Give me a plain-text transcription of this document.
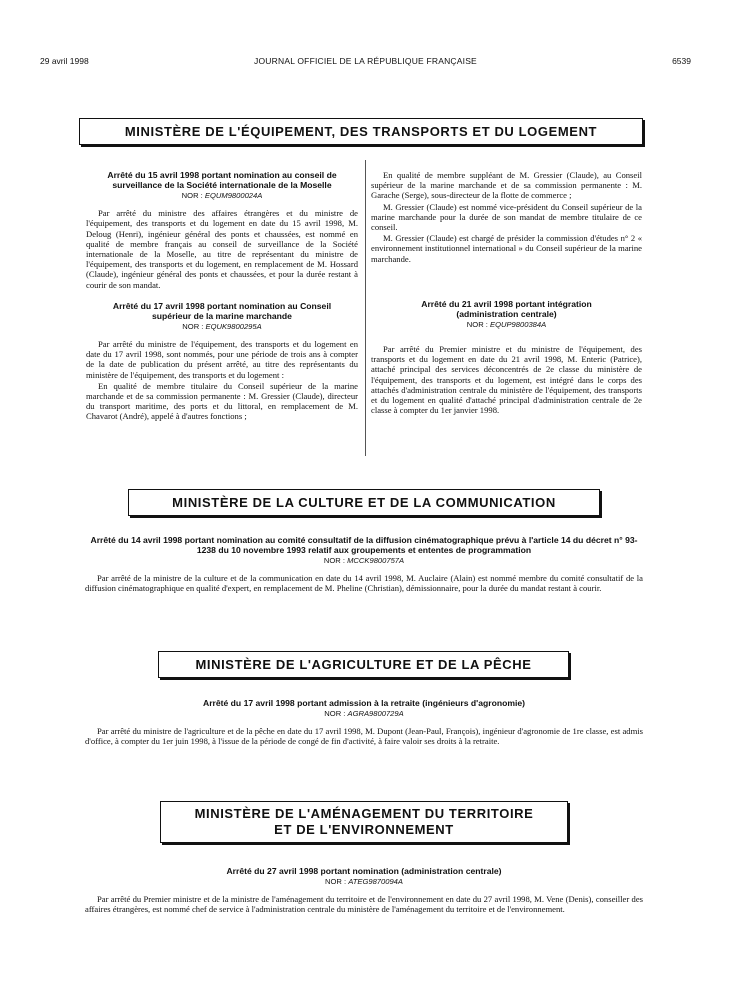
29 avril 1998	JOURNAL OFFICIEL DE LA RÉPUBLIQUE FRANÇAISE	6539
MINISTÈRE DE L'ÉQUIPEMENT, DES TRANSPORTS ET DU LOGEMENT
Arrêté du 15 avril 1998 portant nomination au conseil de surveillance de la Société internationale de la Moselle
NOR : EQUM9800024A

Par arrêté du ministre des affaires étrangères et du ministre de l'équipement, des transports et du logement en date du 15 avril 1998, M. Deloug (Henri), ingénieur général des ponts et chaussées, est nommé en qualité de membre français au conseil de surveillance de la Société internationale de la Moselle, au titre de représentant du ministre de l'équipement, des transports et du logement, en remplacement de M. Hossard (Claude), ingénieur général des ponts et chaussées, et pour la durée restant à courir de son mandat.

Arrêté du 17 avril 1998 portant nomination au Conseil supérieur de la marine marchande
NOR : EQUK9800295A

Par arrêté du ministre de l'équipement, des transports et du logement en date du 17 avril 1998, sont nommés, pour une période de trois ans à compter de la date de publication du présent arrêté, au titre des représentants du ministère de l'équipement, des transports et du logement :

En qualité de membre titulaire du Conseil supérieur de la marine marchande et de sa commission permanente : M. Gressier (Claude), directeur du transport maritime, des ports et du littoral, en remplacement de M. Chavarot (André), appelé à d'autres fonctions ;

En qualité de membre suppléant de M. Gressier (Claude), au Conseil supérieur de la marine marchande et de sa commission permanente : M. Garache (Serge), sous-directeur de la flotte de commerce ;

M. Gressier (Claude) est nommé vice-président du Conseil supérieur de la marine marchande pour la durée de son mandat de membre titulaire de ce conseil.

M. Gressier (Claude) est chargé de présider la commission d'études n° 2 « environnement institutionnel international » du Conseil supérieur de la marine marchande.

Arrêté du 21 avril 1998 portant intégration (administration centrale)
NOR : EQUP9800384A

Par arrêté du Premier ministre et du ministre de l'équipement, des transports et du logement en date du 21 avril 1998, M. Enteric (Patrice), attaché principal des services déconcentrés de 2e classe du ministère de l'équipement, des transports et du logement, est intégré dans le corps des attachés d'administration centrale du ministère de l'équipement, des transports et du logement en qualité d'attaché principal d'administration centrale de 2e classe à compter du 1er janvier 1998.

MINISTÈRE DE LA CULTURE ET DE LA COMMUNICATION
Arrêté du 14 avril 1998 portant nomination au comité consultatif de la diffusion cinématographique prévu à l'article 14 du décret n° 93-1238 du 10 novembre 1993 relatif aux groupements et ententes de programmation
NOR : MCCK9800757A

Par arrêté de la ministre de la culture et de la communication en date du 14 avril 1998, M. Auclaire (Alain) est nommé membre du comité consultatif de la diffusion cinématographique en qualité d'expert, en remplacement de M. Pheline (Christian), démissionnaire, pour la durée du mandat restant à courir.

MINISTÈRE DE L'AGRICULTURE ET DE LA PÊCHE
Arrêté du 17 avril 1998 portant admission à la retraite (ingénieurs d'agronomie)
NOR : AGRA9800729A

Par arrêté du ministre de l'agriculture et de la pêche en date du 17 avril 1998, M. Dupont (Jean-Paul, François), ingénieur d'agronomie de 1re classe, est admis d'office, à compter du 1er juin 1998, à l'issue de la période de congé de fin d'activité, à faire valoir ses droits à la retraite.

MINISTÈRE DE L'AMÉNAGEMENT DU TERRITOIRE
ET DE L'ENVIRONNEMENT
Arrêté du 27 avril 1998 portant nomination (administration centrale)
NOR : ATEG9870094A

Par arrêté du Premier ministre et de la ministre de l'aménagement du territoire et de l'environnement en date du 27 avril 1998, M. Vene (Denis), conseiller des affaires étrangères, est nommé chef de service à l'administration centrale du ministère de l'aménagement du territoire et de l'environnement.
